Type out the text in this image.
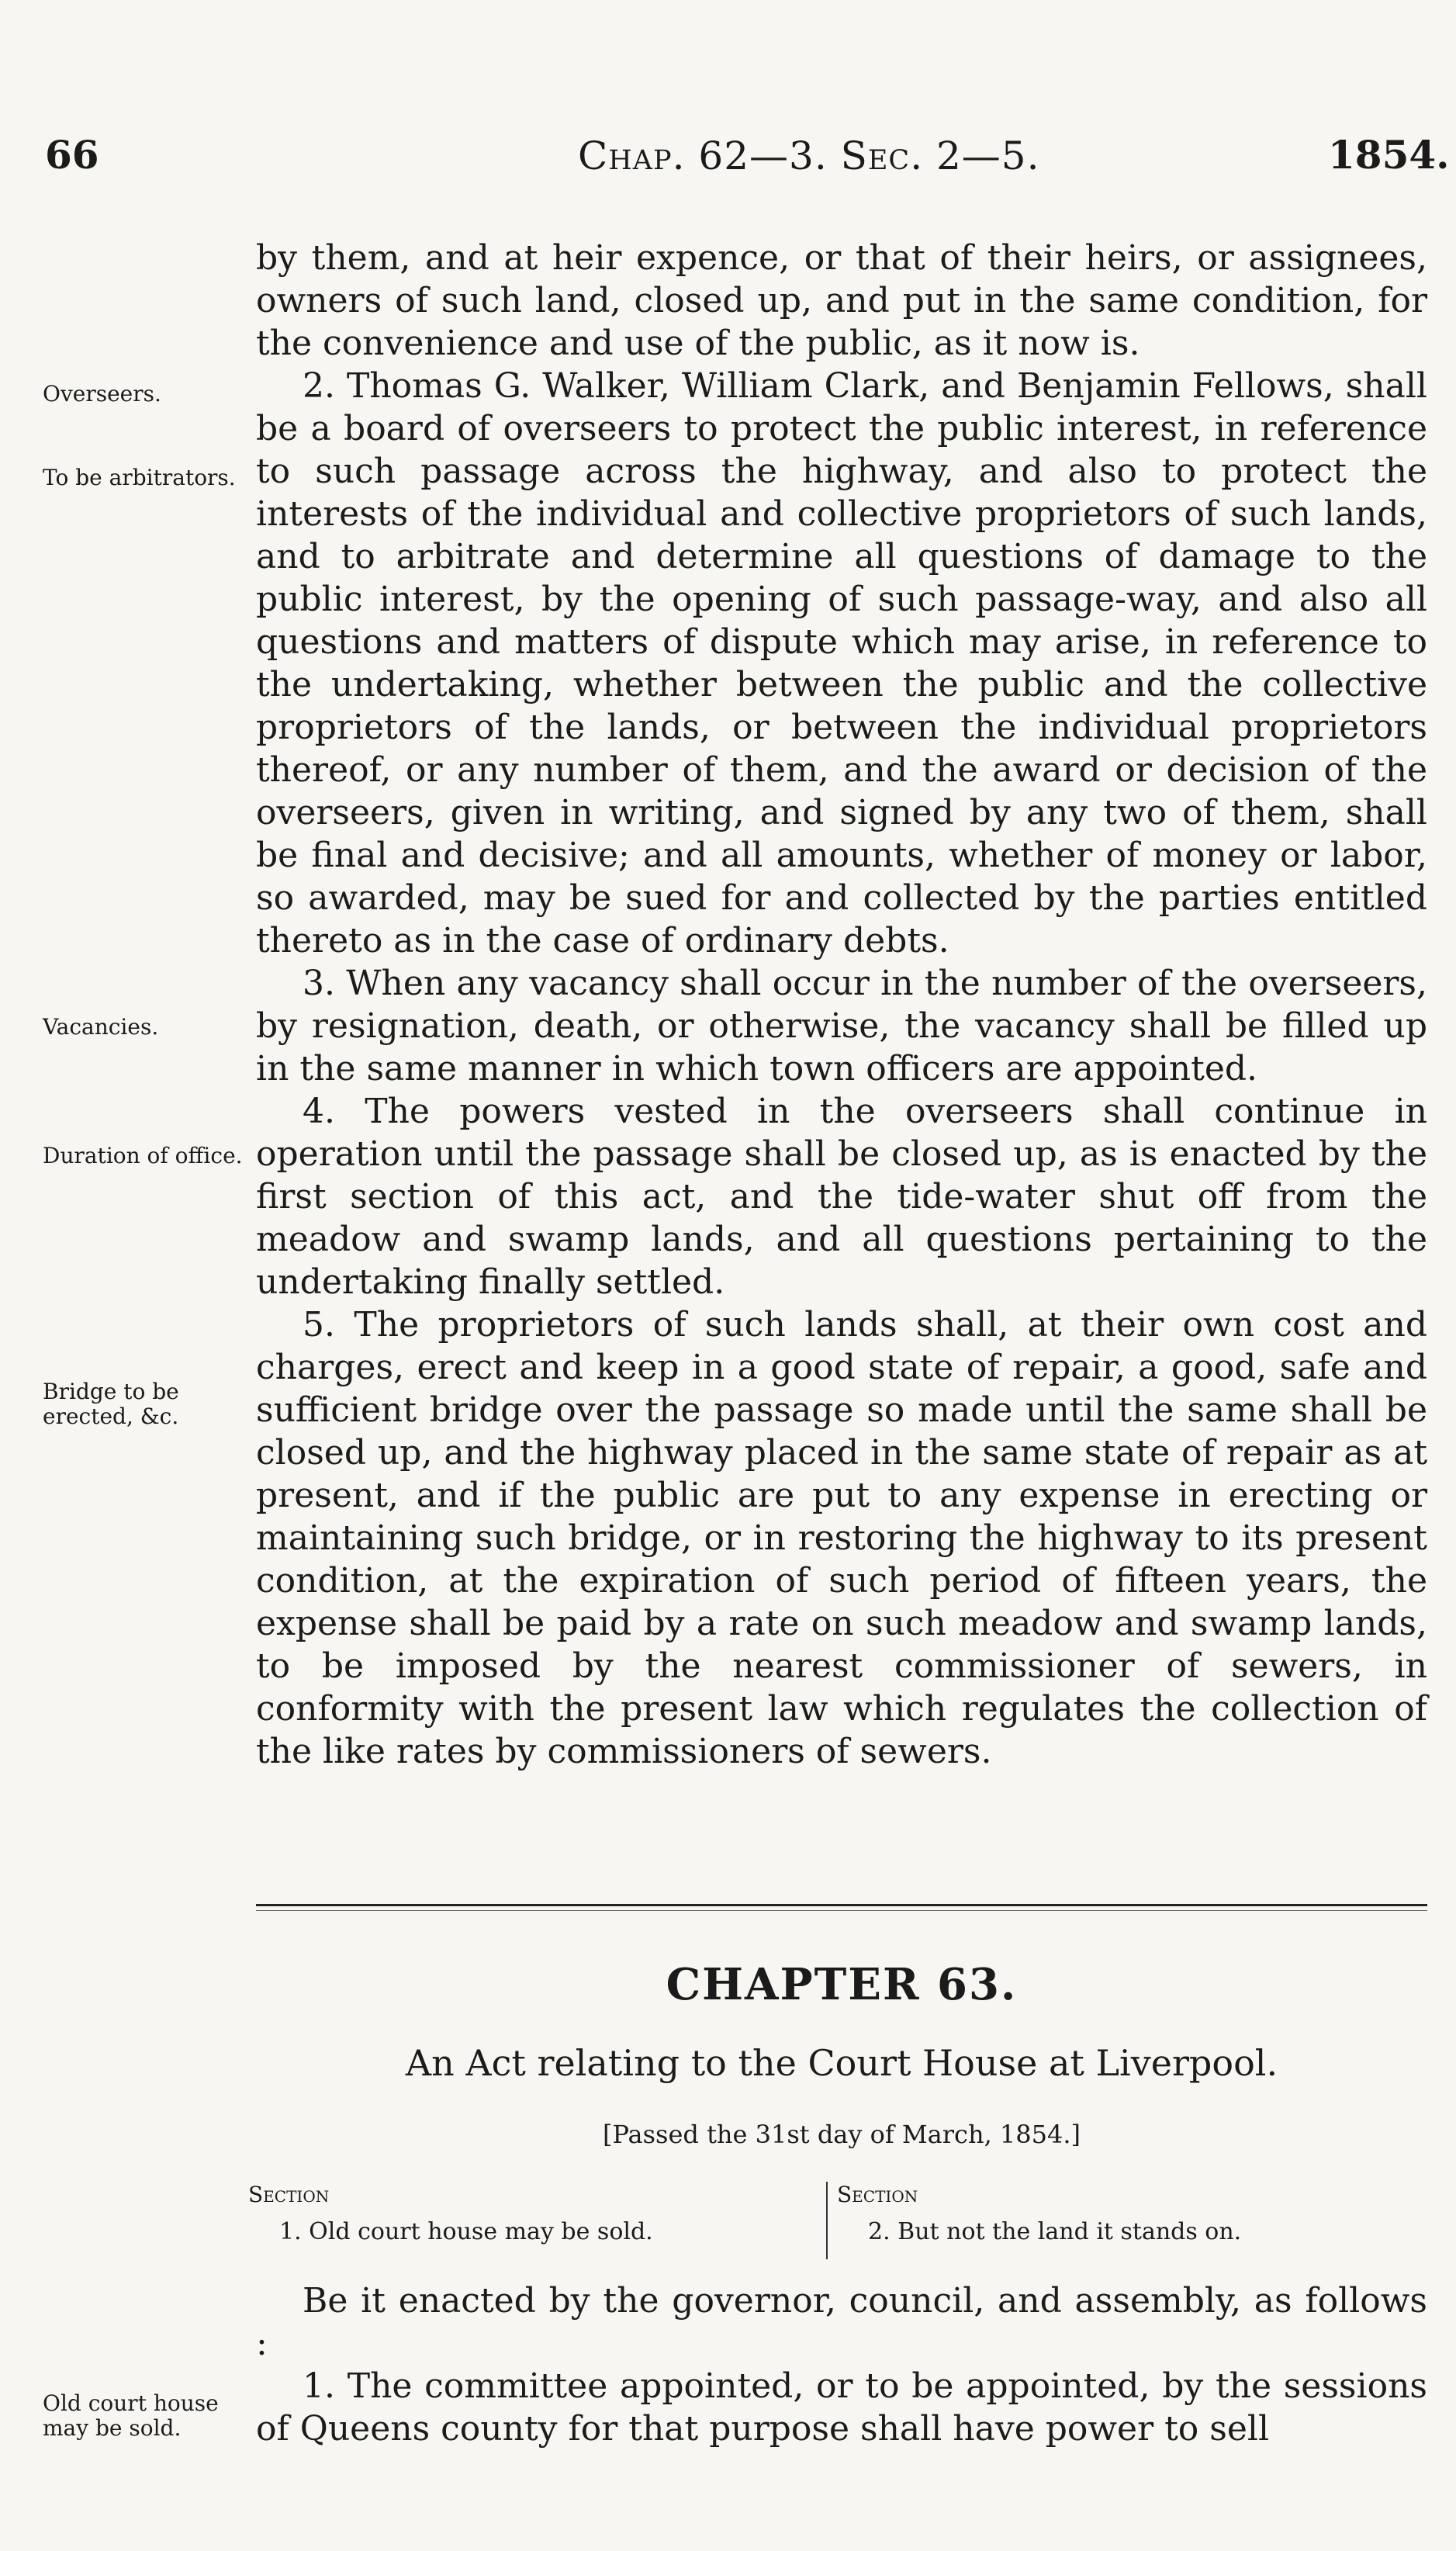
66	Chap. 62—3. Sec. 2—5.	1854.
Overseers.
To be arbitrators.
Vacancies.
Duration of office.
Bridge to be erected, &c.
Old court house may be sold.

by them, and at heir expence, or that of their heirs, or assignees, owners of such land, closed up, and put in the same condition, for the convenience and use of the public, as it now is.

2. Thomas G. Walker, William Clark, and Benjamin Fellows, shall be a board of overseers to protect the public interest, in reference to such passage across the highway, and also to protect the interests of the individual and collective proprietors of such lands, and to arbitrate and determine all questions of damage to the public interest, by the opening of such passage-way, and also all questions and matters of dispute which may arise, in reference to the undertaking, whether between the public and the collective proprietors of the lands, or between the individual proprietors thereof, or any number of them, and the award or decision of the overseers, given in writing, and signed by any two of them, shall be final and decisive; and all amounts, whether of money or labor, so awarded, may be sued for and collected by the parties entitled thereto as in the case of ordinary debts.

3. When any vacancy shall occur in the number of the overseers, by resignation, death, or otherwise, the vacancy shall be filled up in the same manner in which town officers are appointed.

4. The powers vested in the overseers shall continue in operation until the passage shall be closed up, as is enacted by the first section of this act, and the tide-water shut off from the meadow and swamp lands, and all questions pertaining to the undertaking finally settled.

5. The proprietors of such lands shall, at their own cost and charges, erect and keep in a good state of repair, a good, safe and sufficient bridge over the passage so made until the same shall be closed up, and the highway placed in the same state of repair as at present, and if the public are put to any expense in erecting or maintaining such bridge, or in restoring the highway to its present condition, at the expiration of such period of fifteen years, the expense shall be paid by a rate on such meadow and swamp lands, to be imposed by the nearest commissioner of sewers, in conformity with the present law which regulates the collection of the like rates by commissioners of sewers.

CHAPTER 63.
An Act relating to the Court House at Liverpool.
[Passed the 31st day of March, 1854.]
Section
1. Old court house may be sold.
Section
2. But not the land it stands on.

Be it enacted by the governor, council, and assembly, as follows :

1. The committee appointed, or to be appointed, by the sessions of Queens county for that purpose shall have power to sell
